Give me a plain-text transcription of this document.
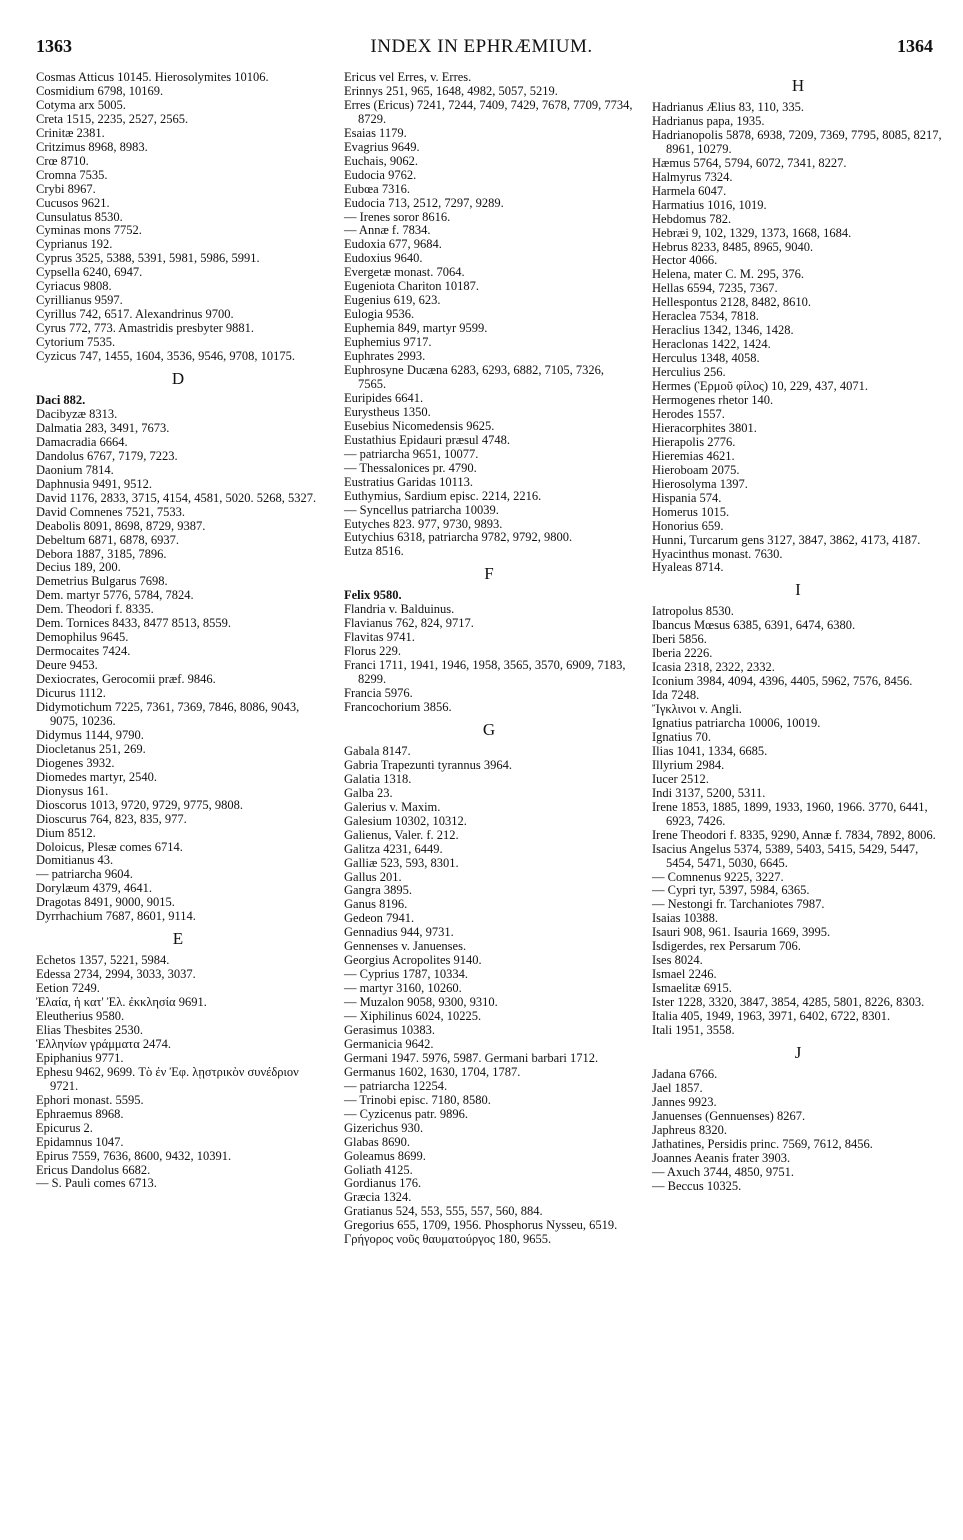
1363	INDEX IN EPHRÆMIUM.	1364
Cosmas Atticus 10145. Hierosolymites 10106.
Cosmidium 6798, 10169.
Cotyma arx 5005.
Creta 1515, 2235, 2527, 2565.
Crinitæ 2381.
Critzimus 8968, 8983.
Crœ 8710.
Cromna 7535.
Crybi 8967.
Cucusos 9621.
Cunsulatus 8530.
Cyminas mons 7752.
Cyprianus 192.
Cyprus 3525, 5388, 5391, 5981, 5986, 5991.
Cypsella 6240, 6947.
Cyriacus 9808.
Cyrillianus 9597.
Cyrillus 742, 6517. Alexandrinus 9700.
Cyrus 772, 773. Amastridis presbyter 9881.
Cytorium 7535.
Cyzicus 747, 1455, 1604, 3536, 9546, 9708, 10175.
D
Daci 882.
Dacibyzæ 8313.
Dalmatia 283, 3491, 7673.
Damacradia 6664.
Dandolus 6767, 7179, 7223.
Daonium 7814.
Daphnusia 9491, 9512.
David 1176, 2833, 3715, 4154, 4581, 5020. 5268, 5327.
David Comnenes 7521, 7533.
Deabolis 8091, 8698, 8729, 9387.
Debeltum 6871, 6878, 6937.
Debora 1887, 3185, 7896.
Decius 189, 200.
Demetrius Bulgarus 7698.
Dem. martyr 5776, 5784, 7824.
Dem. Theodori f. 8335.
Dem. Tornices 8433, 8477 8513, 8559.
Demophilus 9645.
Dermocaites 7424.
Deure 9453.
Dexiocrates, Gerocomii præf. 9846.
Dicurus 1112.
Didymotichum 7225, 7361, 7369, 7846, 8086, 9043, 9075, 10236.
Didymus 1144, 9790.
Diocletanus 251, 269.
Diogenes 3932.
Diomedes martyr, 2540.
Dionysus 161.
Dioscorus 1013, 9720, 9729, 9775, 9808.
Dioscurus 764, 823, 835, 977.
Dium 8512.
Doloicus, Plesæ comes 6714.
Domitianus 43.
— patriarcha 9604.
Dorylæum 4379, 4641.
Dragotas 8491, 9000, 9015.
Dyrrhachium 7687, 8601, 9114.
E
Echetos 1357, 5221, 5984.
Edessa 2734, 2994, 3033, 3037.
Eetion 7249.
Ἐλαία, ἡ κατ' Ἐλ. ἐκκλησία 9691.
Eleutherius 9580.
Elias Thesbites 2530.
Ἑλληνίων γράμματα 2474.
Epiphanius 9771.
Ephesu 9462, 9699. Τὸ ἐν Ἐφ. λῃστρικὸν συνέδριον 9721.
Ephori monast. 5595.
Ephraemus 8968.
Epicurus 2.
Epidamnus 1047.
Epirus 7559, 7636, 8600, 9432, 10391.
Ericus Dandolus 6682.
— S. Pauli comes 6713.
Ericus vel Erres, v. Erres.
Erinnys 251, 965, 1648, 4982, 5057, 5219.
Erres (Ericus) 7241, 7244, 7409, 7429, 7678, 7709, 7734, 8729.
Esaias 1179.
Evagrius 9649.
Euchais, 9062.
Eudocia 9762.
Eubœa 7316.
Eudocia 713, 2512, 7297, 9289.
— Irenes soror 8616.
— Annæ f. 7834.
Eudoxia 677, 9684.
Eudoxius 9640.
Evergetæ monast. 7064.
Eugeniota Chariton 10187.
Eugenius 619, 623.
Eulogia 9536.
Euphemia 849, martyr 9599.
Euphemius 9717.
Euphrates 2993.
Euphrosyne Ducæna 6283, 6293, 6882, 7105, 7326, 7565.
Euripides 6641.
Eurystheus 1350.
Eusebius Nicomedensis 9625.
Eustathius Epidauri præsul 4748.
— patriarcha 9651, 10077.
— Thessalonices pr. 4790.
Eustratius Garidas 10113.
Euthymius, Sardium episc. 2214, 2216.
— Syncellus patriarcha 10039.
Eutyches 823. 977, 9730, 9893.
Eutychius 6318, patriarcha 9782, 9792, 9800.
Eutza 8516.
F
Felix 9580.
Flandria v. Balduinus.
Flavianus 762, 824, 9717.
Flavitas 9741.
Florus 229.
Franci 1711, 1941, 1946, 1958, 3565, 3570, 6909, 7183, 8299.
Francia 5976.
Francochorium 3856.
G
Gabala 8147.
Gabria Trapezunti tyrannus 3964.
Galatia 1318.
Galba 23.
Galerius v. Maxim.
Galesium 10302, 10312.
Galienus, Valer. f. 212.
Galitza 4231, 6449.
Galliæ 523, 593, 8301.
Gallus 201.
Gangra 3895.
Ganus 8196.
Gedeon 7941.
Gennadius 944, 9731.
Gennenses v. Januenses.
Georgius Acropolites 9140.
— Cyprius 1787, 10334.
— martyr 3160, 10260.
— Muzalon 9058, 9300, 9310.
— Xiphilinus 6024, 10225.
Gerasimus 10383.
Germanicia 9642.
Germani 1947. 5976, 5987. Germani barbari 1712.
Germanus 1602, 1630, 1704, 1787.
— patriarcha 12254.
— Trinobi episc. 7180, 8580.
— Cyzicenus patr. 9896.
Gizerichus 930.
Glabas 8690.
Goleamus 8699.
Goliath 4125.
Gordianus 176.
Græcia 1324.
Gratianus 524, 553, 555, 557, 560, 884.
Gregorius 655, 1709, 1956. Phosphorus Nysseu, 6519.
Γρήγορος νοῦς θαυματούργος 180, 9655.
H
Hadrianus Ælius 83, 110, 335.
Hadrianus papa, 1935.
Hadrianopolis 5878, 6938, 7209, 7369, 7795, 8085, 8217, 8961, 10279.
Hæmus 5764, 5794, 6072, 7341, 8227.
Halmyrus 7324.
Harmela 6047.
Harmatius 1016, 1019.
Hebdomus 782.
Hebræi 9, 102, 1329, 1373, 1668, 1684.
Hebrus 8233, 8485, 8965, 9040.
Hector 4066.
Helena, mater C. M. 295, 376.
Hellas 6594, 7235, 7367.
Hellespontus 2128, 8482, 8610.
Heraclea 7534, 7818.
Heraclius 1342, 1346, 1428.
Heraclonas 1422, 1424.
Herculus 1348, 4058.
Herculius 256.
Hermes (Ἑρμοῦ φίλος) 10, 229, 437, 4071.
Hermogenes rhetor 140.
Herodes 1557.
Hieracorphites 3801.
Hierapolis 2776.
Hieremias 4621.
Hieroboam 2075.
Hierosolyma 1397.
Hispania 574.
Homerus 1015.
Honorius 659.
Hunni, Turcarum gens 3127, 3847, 3862, 4173, 4187.
Hyacinthus monast. 7630.
Hyaleas 8714.
I
Iatropolus 8530.
Ibancus Mœsus 6385, 6391, 6474, 6380.
Iberi 5856.
Iberia 2226.
Icasia 2318, 2322, 2332.
Iconium 3984, 4094, 4396, 4405, 5962, 7576, 8456.
Ida 7248.
Ἴγκλινοι v. Angli.
Ignatius patriarcha 10006, 10019.
Ignatius 70.
Ilias 1041, 1334, 6685.
Illyrium 2984.
Iucer 2512.
Indi 3137, 5200, 5311.
Irene 1853, 1885, 1899, 1933, 1960, 1966. 3770, 6441, 6923, 7426.
Irene Theodori f. 8335, 9290, Annæ f. 7834, 7892, 8006.
Isacius Angelus 5374, 5389, 5403, 5415, 5429, 5447, 5454, 5471, 5030, 6645.
— Comnenus 9225, 3227.
— Cypri tyr, 5397, 5984, 6365.
— Nestongi fr. Tarchaniotes 7987.
Isaias 10388.
Isauri 908, 961. Isauria 1669, 3995.
Isdigerdes, rex Persarum 706.
Ises 8024.
Ismael 2246.
Ismaelitæ 6915.
Ister 1228, 3320, 3847, 3854, 4285, 5801, 8226, 8303.
Italia 405, 1949, 1963, 3971, 6402, 6722, 8301.
Itali 1951, 3558.
J
Jadana 6766.
Jael 1857.
Jannes 9923.
Januenses (Gennuenses) 8267.
Japhreus 8320.
Jathatines, Persidis princ. 7569, 7612, 8456.
Joannes Aeanis frater 3903.
— Axuch 3744, 4850, 9751.
— Beccus 10325.
